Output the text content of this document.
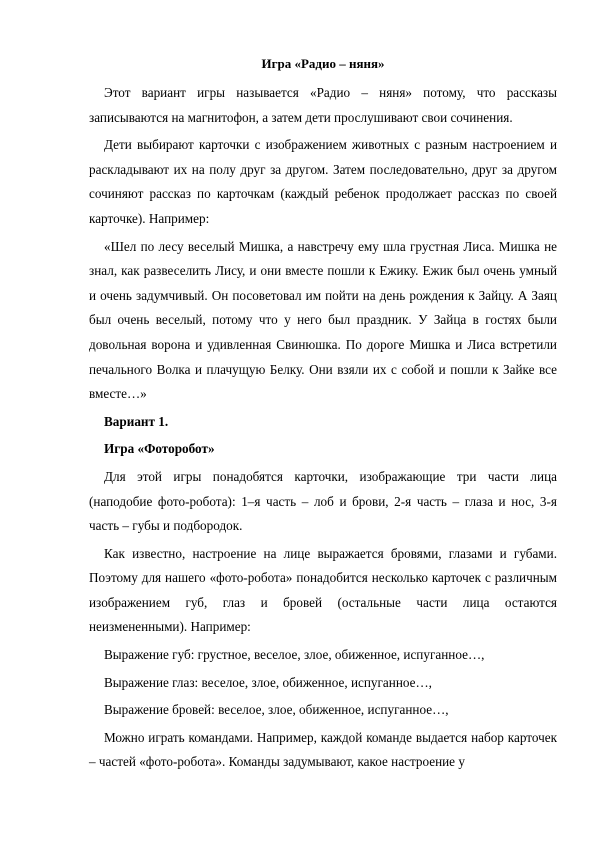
Игра «Радио – няня»

Этот вариант игры называется «Радио – няня» потому, что рассказы записываются на магнитофон, а затем дети прослушивают свои сочинения.

Дети выбирают карточки с изображением животных с разным настроением и раскладывают их на полу друг за другом. Затем последовательно, друг за другом сочиняют рассказ по карточкам (каждый ребенок продолжает рассказ по своей карточке). Например:

«Шел по лесу веселый Мишка, а навстречу ему шла грустная Лиса. Мишка не знал, как развеселить Лису, и они вместе пошли к Ежику. Ежик был очень умный и очень задумчивый. Он посоветовал им пойти на день рождения к Зайцу. А Заяц был очень веселый, потому что у него был праздник. У Зайца в гостях были довольная ворона и удивленная Свинюшка. По дороге Мишка и Лиса встретили печального Волка и плачущую Белку. Они взяли их с собой и пошли к Зайке все вместе…»

Вариант 1.

Игра «Фоторобот»

Для этой игры понадобятся карточки, изображающие три части лица (наподобие фото-робота): 1–я часть – лоб и брови, 2-я часть – глаза и нос, 3-я часть – губы и подбородок.

Как известно, настроение на лице выражается бровями, глазами и губами. Поэтому для нашего «фото-робота» понадобится несколько карточек с различным изображением губ, глаз и бровей (остальные части лица остаются неизмененными). Например:

Выражение губ: грустное, веселое, злое, обиженное, испуганное…,

Выражение глаз: веселое, злое, обиженное, испуганное…,

Выражение бровей: веселое, злое, обиженное, испуганное…,

Можно играть командами. Например, каждой команде выдается набор карточек – частей «фото-робота». Команды задумывают, какое настроение у
